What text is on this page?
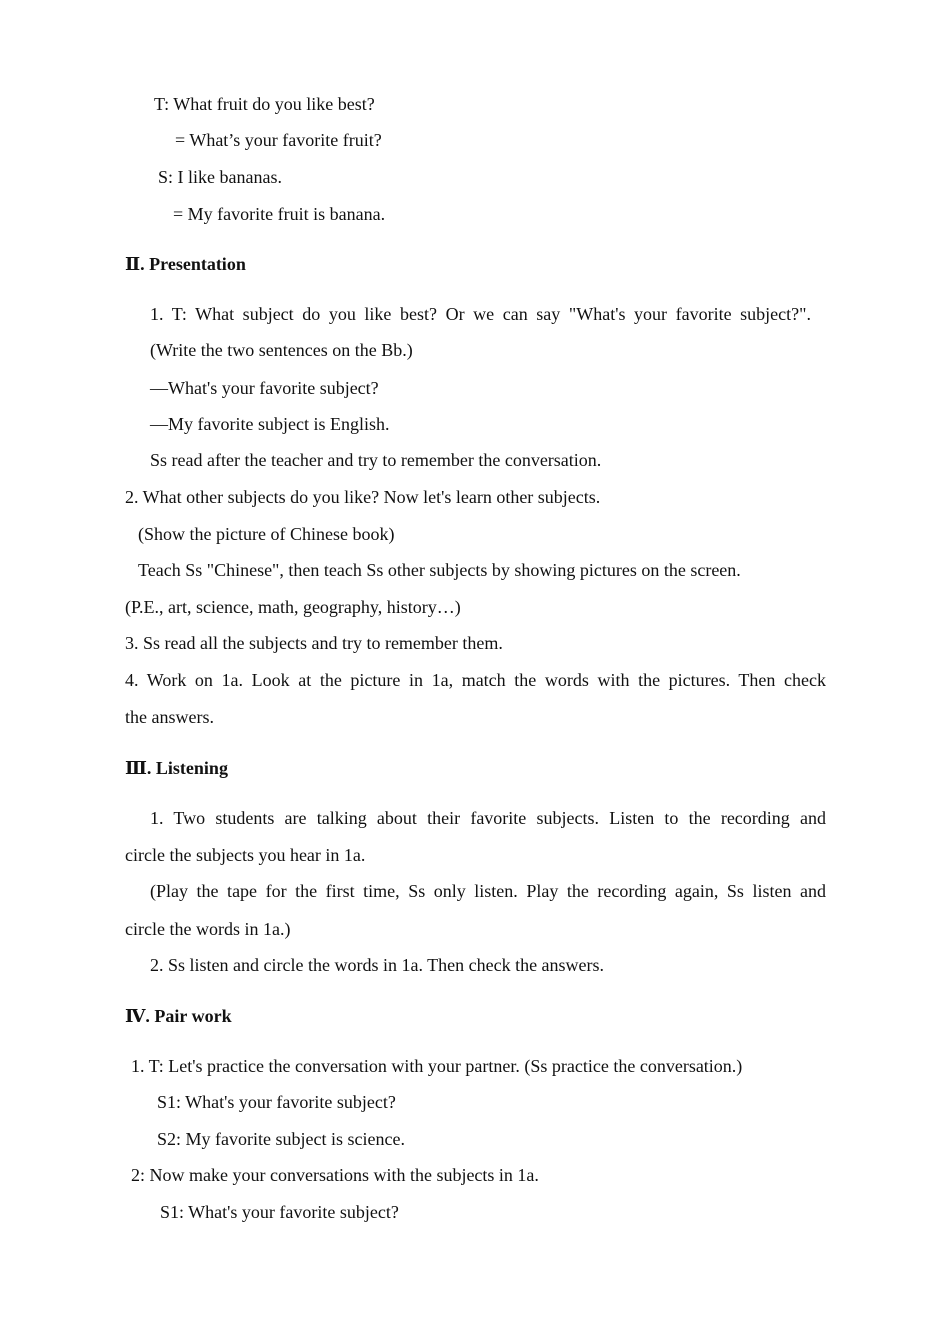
T: What fruit do you like best?

= What’s your favorite fruit?

S: I like bananas.

= My favorite fruit is banana.

Ⅱ. Presentation

1. T: What subject do you like best? Or we can say "What's your favorite subject?".

(Write the two sentences on the Bb.)

—What's your favorite subject?

—My favorite subject is English.

Ss read after the teacher and try to remember the conversation.

2. What other subjects do you like? Now let's learn other subjects.

(Show the picture of Chinese book)

Teach Ss "Chinese", then teach Ss other subjects by showing pictures on the screen.

(P.E., art, science, math, geography, history…)

3. Ss read all the subjects and try to remember them.

4. Work on 1a. Look at the picture in 1a, match the words with the pictures. Then check

the answers.

Ⅲ. Listening

1. Two students are talking about their favorite subjects. Listen to the recording and

circle the subjects you hear in 1a.

(Play the tape for the first time, Ss only listen. Play the recording again, Ss listen and

circle the words in 1a.)

2. Ss listen and circle the words in 1a. Then check the answers.

Ⅳ. Pair work

1. T: Let's practice the conversation with your partner. (Ss practice the conversation.)

S1: What's your favorite subject?

S2: My favorite subject is science.

2: Now make your conversations with the subjects in 1a.

S1: What's your favorite subject?
